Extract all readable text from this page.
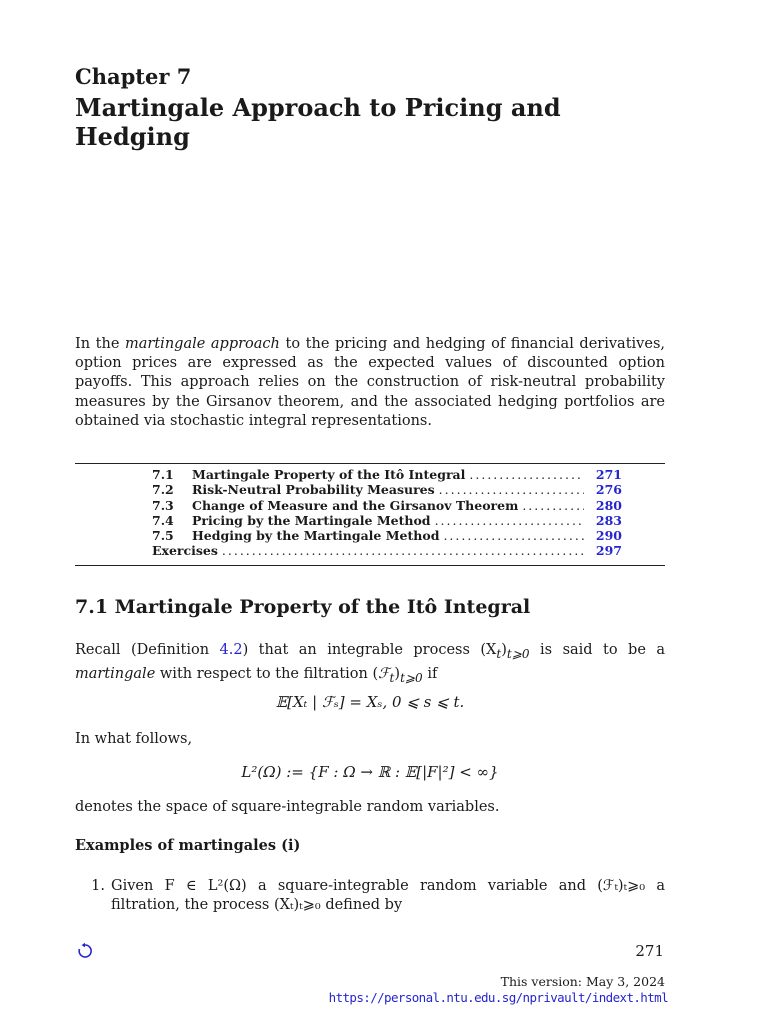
Chapter 7
Martingale Approach to Pricing and Hedging
In the martingale approach to the pricing and hedging of financial derivatives, option prices are expressed as the expected values of discounted option payoffs. This approach relies on the construction of risk-neutral probability measures by the Girsanov theorem, and the associated hedging portfolios are obtained via stochastic integral representations.
7.1	Martingale Property of the Itô Integral .....	271
7.2	Risk-Neutral Probability Measures .....	276
7.3	Change of Measure and the Girsanov Theorem .....	280
7.4	Pricing by the Martingale Method .....	283
7.5	Hedging by the Martingale Method .....	290
Exercises .....	297
7.1 Martingale Property of the Itô Integral
Recall (Definition 4.2) that an integrable process $(X_t)_{t⩾0}$ is said to be a martingale with respect to the filtration $(ℱ_t)_{t⩾0}$ if
𝔼[Xₜ | ℱₛ] = Xₛ, 0 ⩽ s ⩽ t.
In what follows,
L²(Ω) := {F : Ω → ℝ : 𝔼[|F|²] < ∞}
denotes the space of square-integrable random variables.
Examples of martingales (i)
1. Given F ∈ L²(Ω) a square-integrable random variable and (ℱₜ)ₜ⩾₀ a filtration, the process (Xₜ)ₜ⩾₀ defined by
271
This version: May 3, 2024
https://personal.ntu.edu.sg/nprivault/indext.html
